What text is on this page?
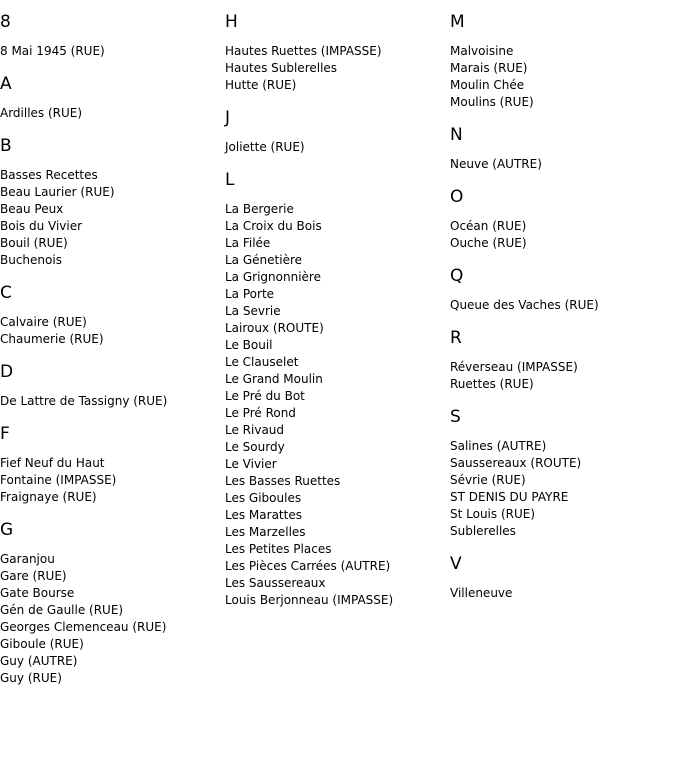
8
8 Mai 1945 (RUE)
A
Ardilles (RUE)
B
Basses Recettes
Beau Laurier (RUE)
Beau Peux
Bois du Vivier
Bouil (RUE)
Buchenois
C
Calvaire (RUE)
Chaumerie (RUE)
D
De Lattre de Tassigny (RUE)
F
Fief Neuf du Haut
Fontaine (IMPASSE)
Fraignaye (RUE)
G
Garanjou
Gare (RUE)
Gate Bourse
Gén de Gaulle (RUE)
Georges Clemenceau (RUE)
Giboule (RUE)
Guy (AUTRE)
Guy (RUE)
H
Hautes Ruettes (IMPASSE)
Hautes Sublerelles
Hutte (RUE)
J
Joliette (RUE)
L
La Bergerie
La Croix du Bois
La Filée
La Génetière
La Grignonnière
La Porte
La Sevrie
Lairoux (ROUTE)
Le Bouil
Le Clauselet
Le Grand Moulin
Le Pré du Bot
Le Pré Rond
Le Rivaud
Le Sourdy
Le Vivier
Les Basses Ruettes
Les Giboules
Les Marattes
Les Marzelles
Les Petites Places
Les Pièces Carrées (AUTRE)
Les Saussereaux
Louis Berjonneau (IMPASSE)
M
Malvoisine
Marais (RUE)
Moulin Chée
Moulins (RUE)
N
Neuve (AUTRE)
O
Océan (RUE)
Ouche (RUE)
Q
Queue des Vaches (RUE)
R
Réverseau (IMPASSE)
Ruettes (RUE)
S
Salines (AUTRE)
Saussereaux (ROUTE)
Sévrie (RUE)
ST DENIS DU PAYRE
St Louis (RUE)
Sublerelles
V
Villeneuve
